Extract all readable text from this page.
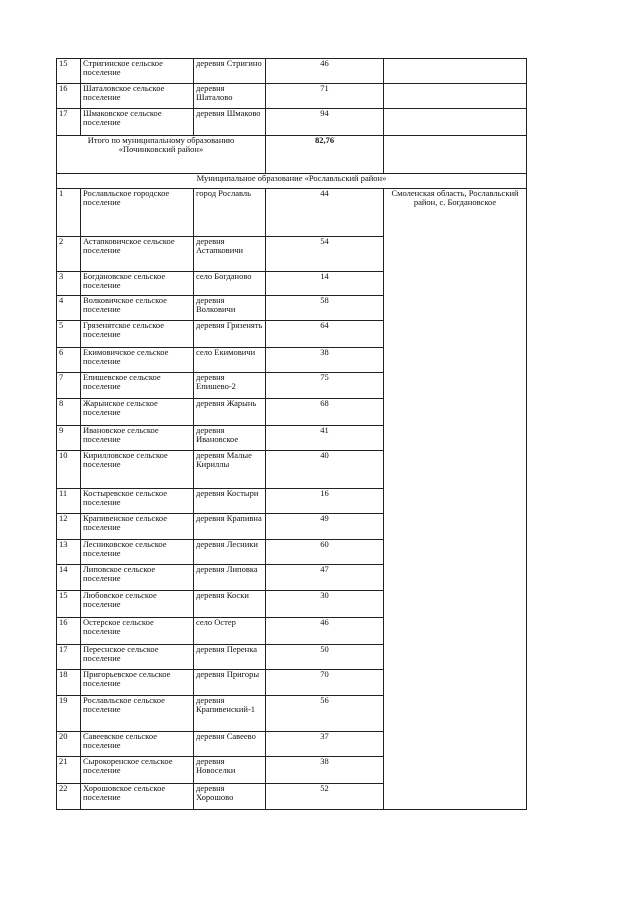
15	Стригинское сельское поселение	деревня Стригино	46	
16	Шаталовское сельское поселение	деревня Шаталово	71	
17	Шмаковское сельское поселение	деревня Шмаково	94	
Итого по муниципальному образованию «Починковский район»			82,76	
Муниципальное образование «Рославльский район»				
1	Рославльское городское поселение	город Рославль	44	Смоленская область, Рославльский район, с. Богдановское
2	Астапковичское сельское поселение	деревня Астапковичи	54	
3	Богдановское сельское поселение	село Богданово	14	
4	Волковичское сельское поселение	деревня Волковичи	58	
5	Грязенятское сельское поселение	деревня Грязенять	64	
6	Екимовичское сельское поселение	село Екимовичи	38	
7	Епишевское сельское поселение	деревня Епишево-2	75	
8	Жарынское сельское поселение	деревня Жарынь	68	
9	Ивановское сельское поселение	деревня Ивановское	41	
10	Кирилловское сельское поселение	деревня Малые Кириллы	40	
11	Костыревское сельское поселение	деревня Костыри	16	
12	Крапивенское сельское поселение	деревня Крапивна	49	
13	Лесниковское сельское поселение	деревня Лесники	60	
14	Липовское сельское поселение	деревня Липовка	47	
15	Любовское сельское поселение	деревня Коски	30	
16	Остерское сельское поселение	село Остер	46	
17	Переснское сельское поселение	деревня Перенка	50	
18	Пригорьевское сельское поселение	деревня Пригоры	70	
19	Рославльское сельское поселение	деревня Крапивенский-1	56	
20	Савеевское сельское поселение	деревня Савеево	37	
21	Сырокоренское сельское поселение	деревня Новоселки	38	
22	Хорошовское сельское поселение	деревня Хорошово	52	
